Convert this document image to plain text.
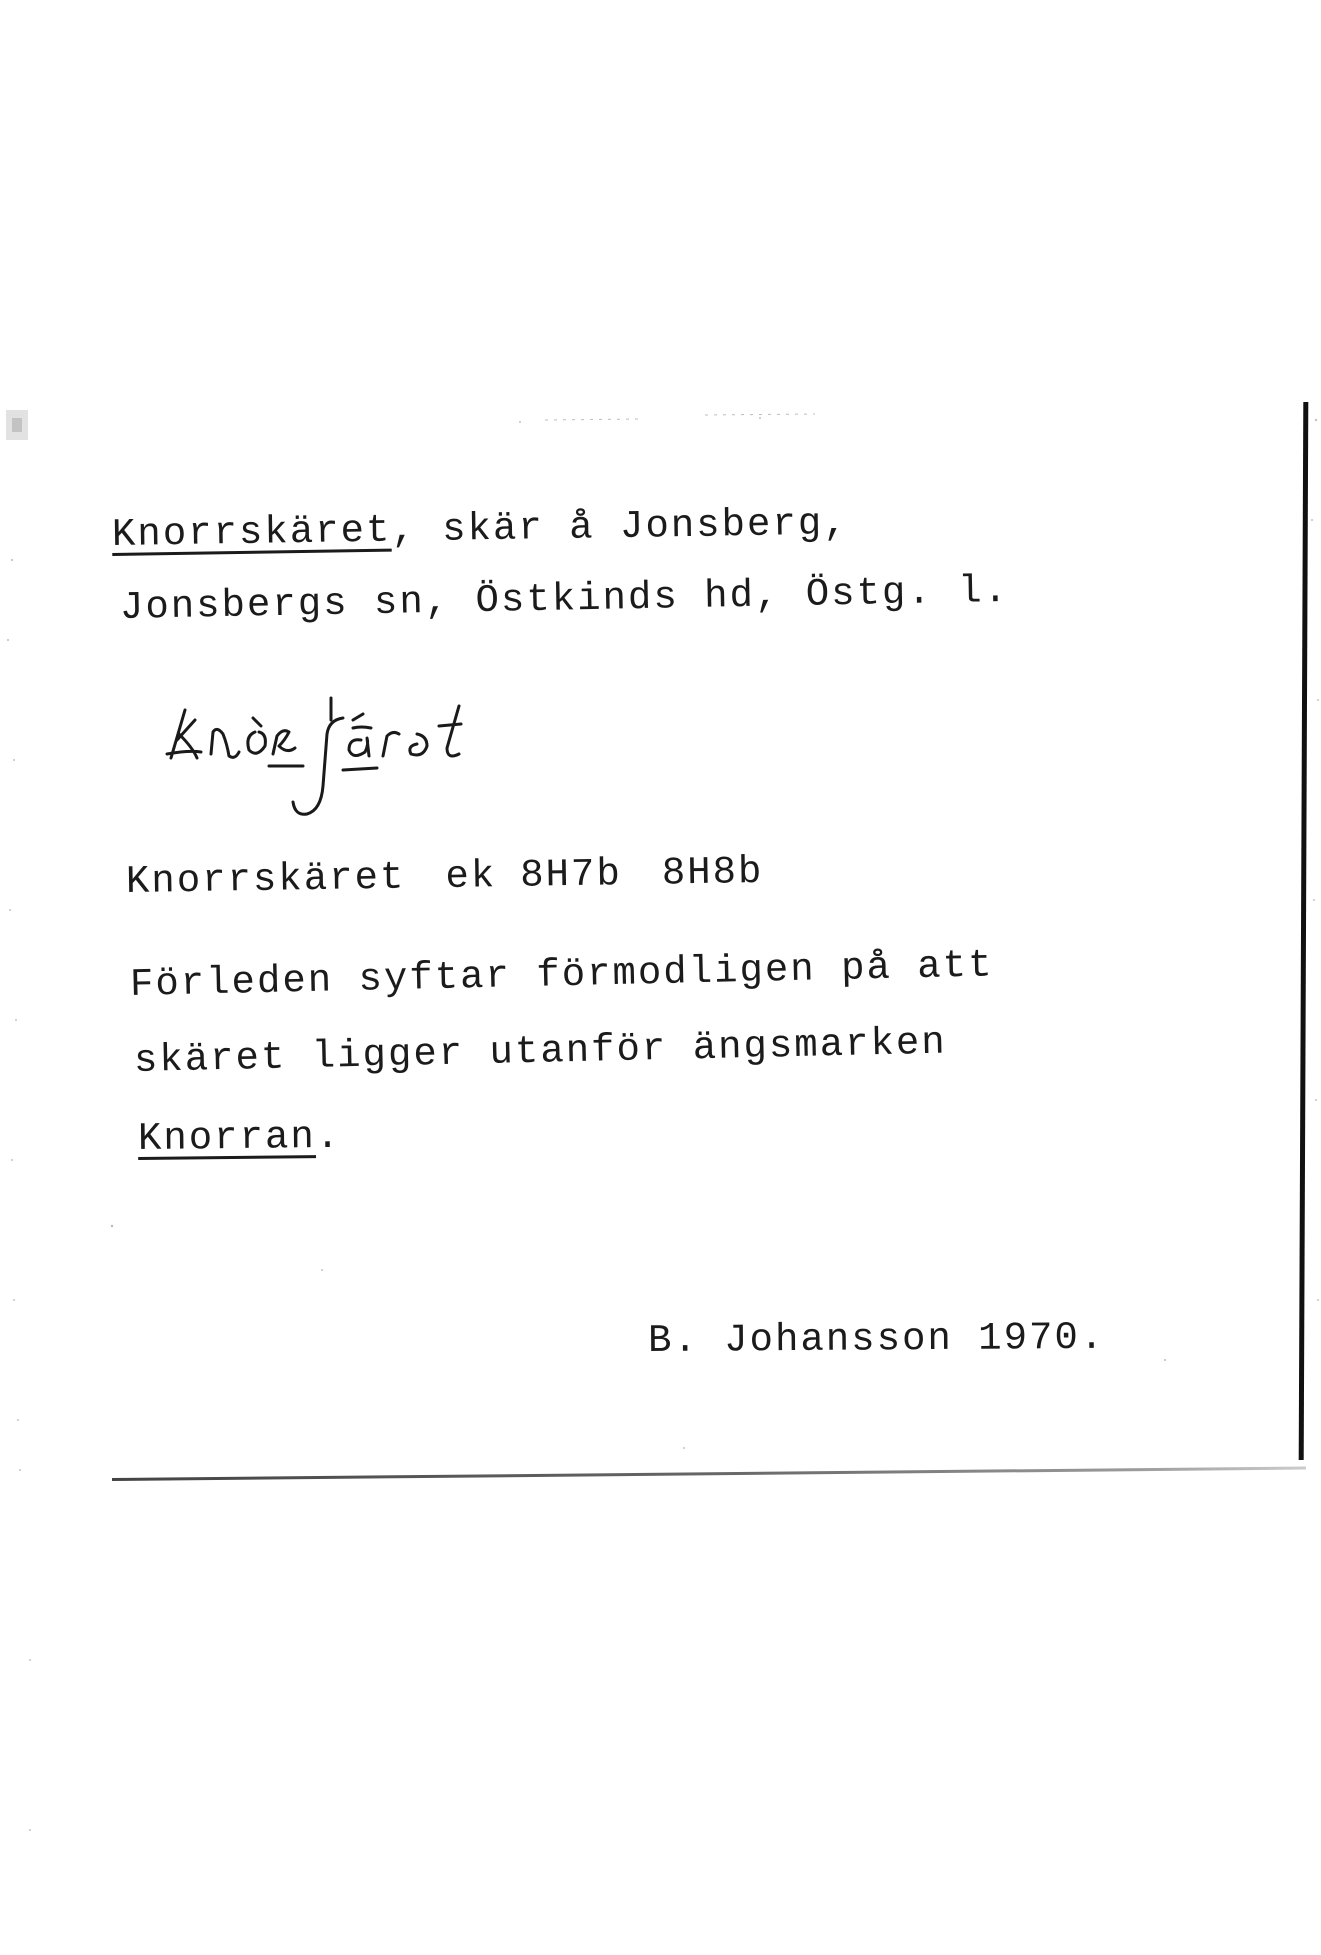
Knorrskäret, skär å Jonsberg,
Jonsbergs sn, Östkinds hd, Östg. l.
Knorrskäret ek 8H7b 8H8b
Förleden syftar förmodligen på att
skäret ligger utanför ängsmarken
Knorran.
B. Johansson 1970.
